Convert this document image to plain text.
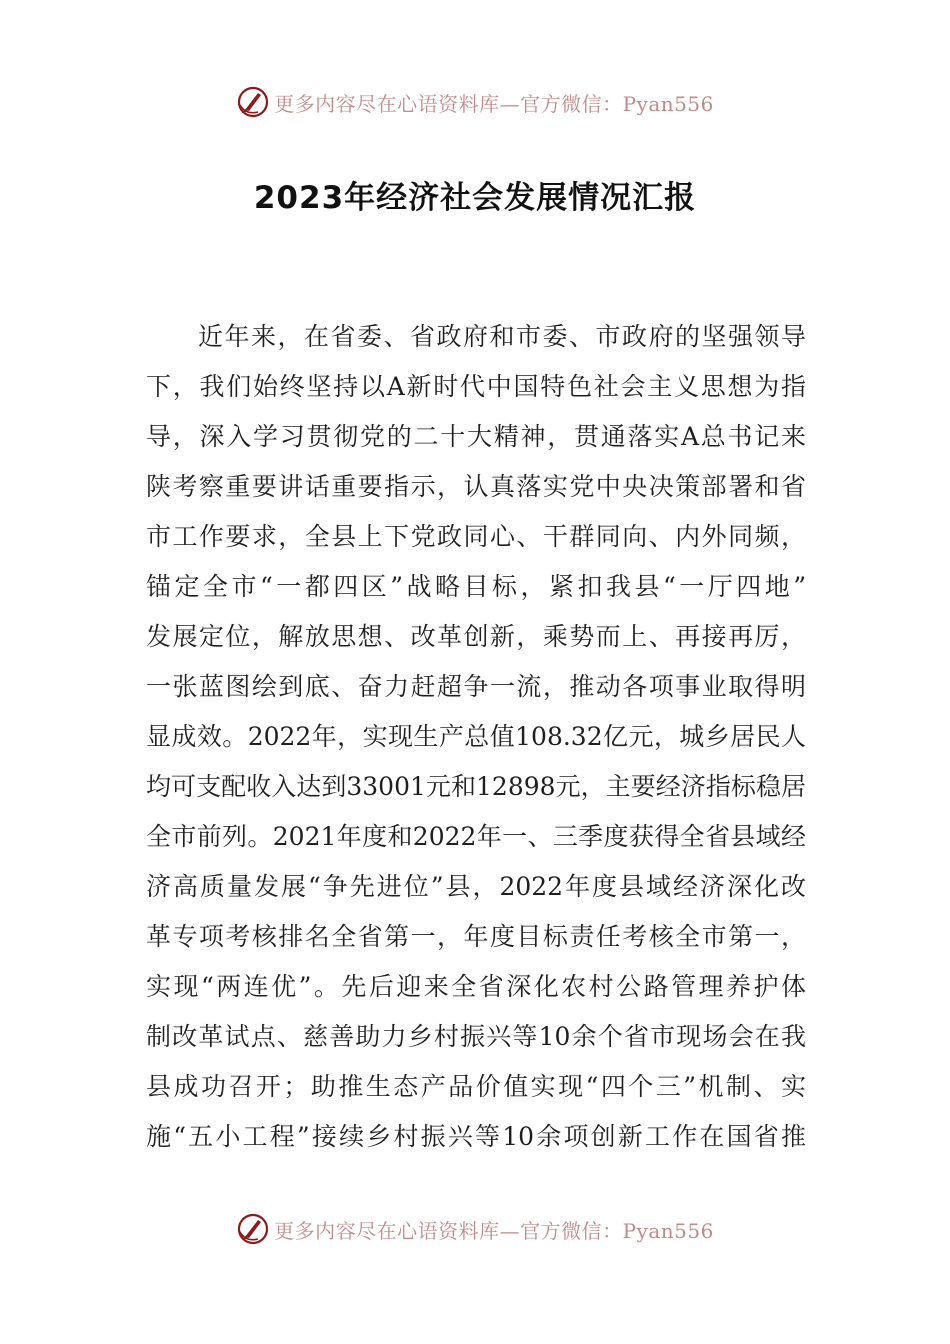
更多内容尽在心语资料库—官方微信：Pyan556
2023年经济社会发展情况汇报
近年来，在省委、省政府和市委、市政府的坚强领导
下，我们始终坚持以A新时代中国特色社会主义思想为指
导，深入学习贯彻党的二十大精神，贯通落实A总书记来
陕考察重要讲话重要指示，认真落实党中央决策部署和省
市工作要求，全县上下党政同心、干群同向、内外同频，
锚定全市“一都四区”战略目标，紧扣我县“一厅四地”
发展定位，解放思想、改革创新，乘势而上、再接再厉，
一张蓝图绘到底、奋力赶超争一流，推动各项事业取得明
显成效。2022年，实现生产总值108.32亿元，城乡居民人
均可支配收入达到33001元和12898元，主要经济指标稳居
全市前列。2021年度和2022年一、三季度获得全省县域经
济高质量发展“争先进位”县，2022年度县域经济深化改
革专项考核排名全省第一，年度目标责任考核全市第一，
实现“两连优”。先后迎来全省深化农村公路管理养护体
制改革试点、慈善助力乡村振兴等10余个省市现场会在我
县成功召开；助推生态产品价值实现“四个三”机制、实
施“五小工程”接续乡村振兴等10余项创新工作在国省推
更多内容尽在心语资料库—官方微信：Pyan556
